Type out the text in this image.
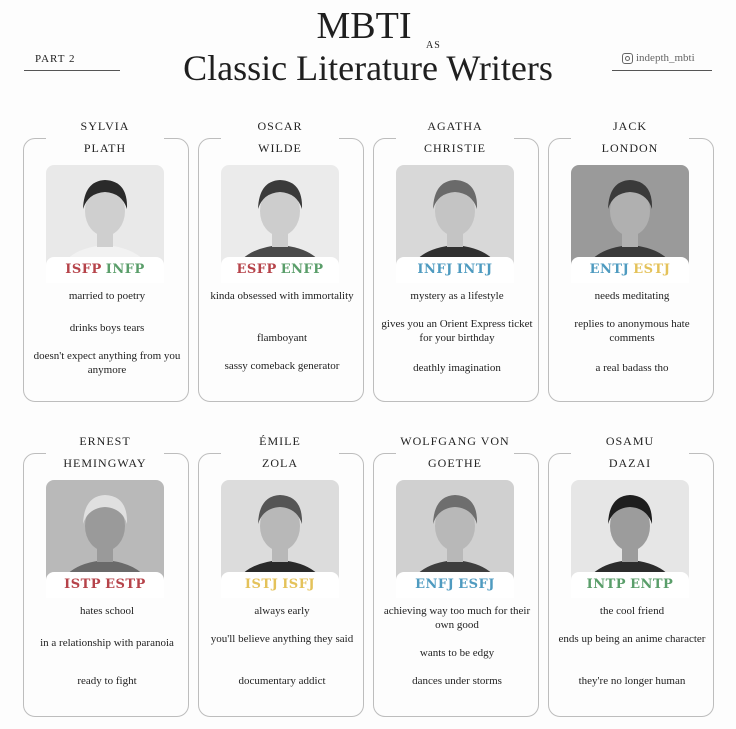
MBTI AS
Classic Literature Writers
PART 2	indepth_mbti
SYLVIA
PLATH
ISFP INFP

married to poetry

drinks boys tears

doesn't expect anything from you anymore

OSCAR
WILDE
ESFP ENFP

kinda obsessed with immortality

flamboyant

sassy comeback generator

AGATHA
CHRISTIE
INFJ INTJ

mystery as a lifestyle

gives you an Orient Express ticket for your birthday

deathly imagination

JACK
LONDON
ENTJ ESTJ

needs meditating

replies to anonymous hate comments

a real badass tho

ERNEST
HEMINGWAY
ISTP ESTP

hates school

in a relationship with paranoia

ready to fight

ÉMILE
ZOLA
ISTJ ISFJ

always early

you'll believe anything they said

documentary addict

WOLFGANG VON
GOETHE
ENFJ ESFJ

achieving way too much for their own good

wants to be edgy

dances under storms

OSAMU
DAZAI
INTP ENTP

the cool friend

ends up being an anime character

they're no longer human
